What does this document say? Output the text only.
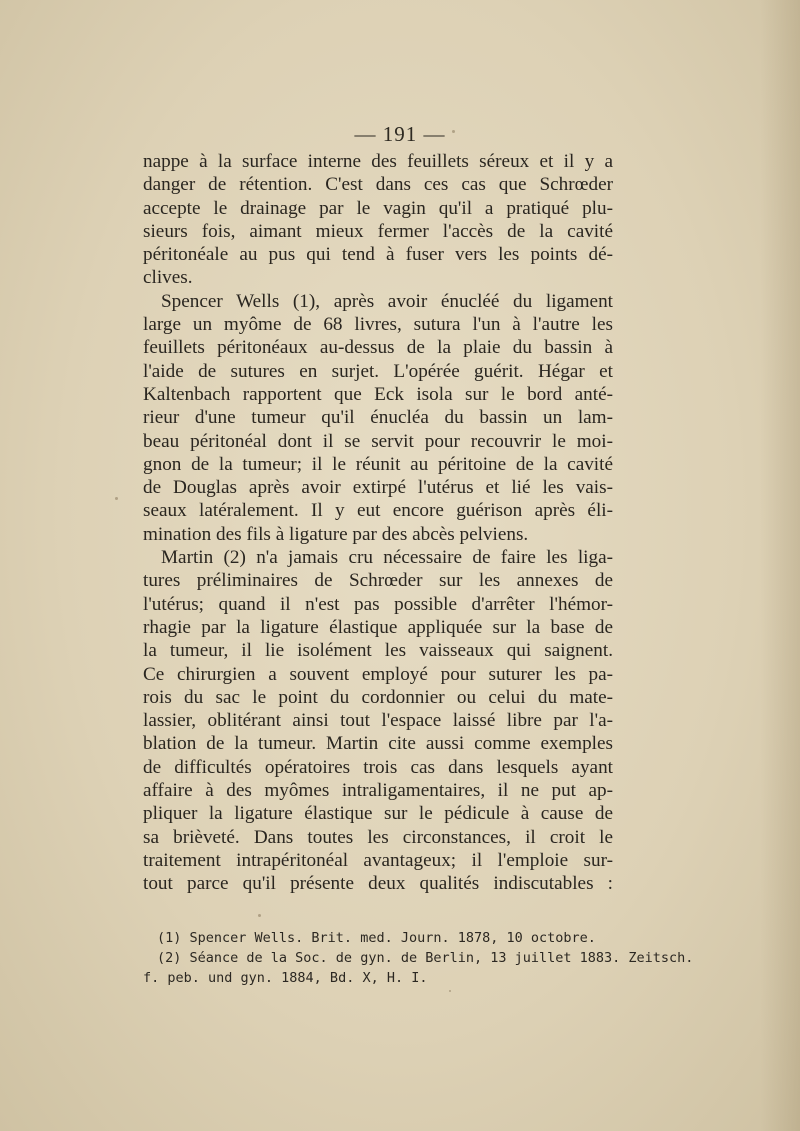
— 191 —
nappe à la surface interne des feuillets séreux et il y a
danger de rétention. C'est dans ces cas que Schrœder
accepte le drainage par le vagin qu'il a pratiqué plu-
sieurs fois, aimant mieux fermer l'accès de la cavité
péritonéale au pus qui tend à fuser vers les points dé-
clives.
Spencer Wells (1), après avoir énucléé du ligament
large un myôme de 68 livres, sutura l'un à l'autre les
feuillets péritonéaux au-dessus de la plaie du bassin à
l'aide de sutures en surjet. L'opérée guérit. Hégar et
Kaltenbach rapportent que Eck isola sur le bord anté-
rieur d'une tumeur qu'il énucléa du bassin un lam-
beau péritonéal dont il se servit pour recouvrir le moi-
gnon de la tumeur; il le réunit au péritoine de la cavité
de Douglas après avoir extirpé l'utérus et lié les vais-
seaux latéralement. Il y eut encore guérison après éli-
mination des fils à ligature par des abcès pelviens.
Martin (2) n'a jamais cru nécessaire de faire les liga-
tures préliminaires de Schrœder sur les annexes de
l'utérus; quand il n'est pas possible d'arrêter l'hémor-
rhagie par la ligature élastique appliquée sur la base de
la tumeur, il lie isolément les vaisseaux qui saignent.
Ce chirurgien a souvent employé pour suturer les pa-
rois du sac le point du cordonnier ou celui du mate-
lassier, oblitérant ainsi tout l'espace laissé libre par l'a-
blation de la tumeur. Martin cite aussi comme exemples
de difficultés opératoires trois cas dans lesquels ayant
affaire à des myômes intraligamentaires, il ne put ap-
pliquer la ligature élastique sur le pédicule à cause de
sa brièveté. Dans toutes les circonstances, il croit le
traitement intrapéritonéal avantageux; il l'emploie sur-
tout parce qu'il présente deux qualités indiscutables :
(1) Spencer Wells. Brit. med. Journ. 1878, 10 octobre.
(2) Séance de la Soc. de gyn. de Berlin, 13 juillet 1883. Zeitsch.
f. peb. und gyn. 1884, Bd. X, H. I.
